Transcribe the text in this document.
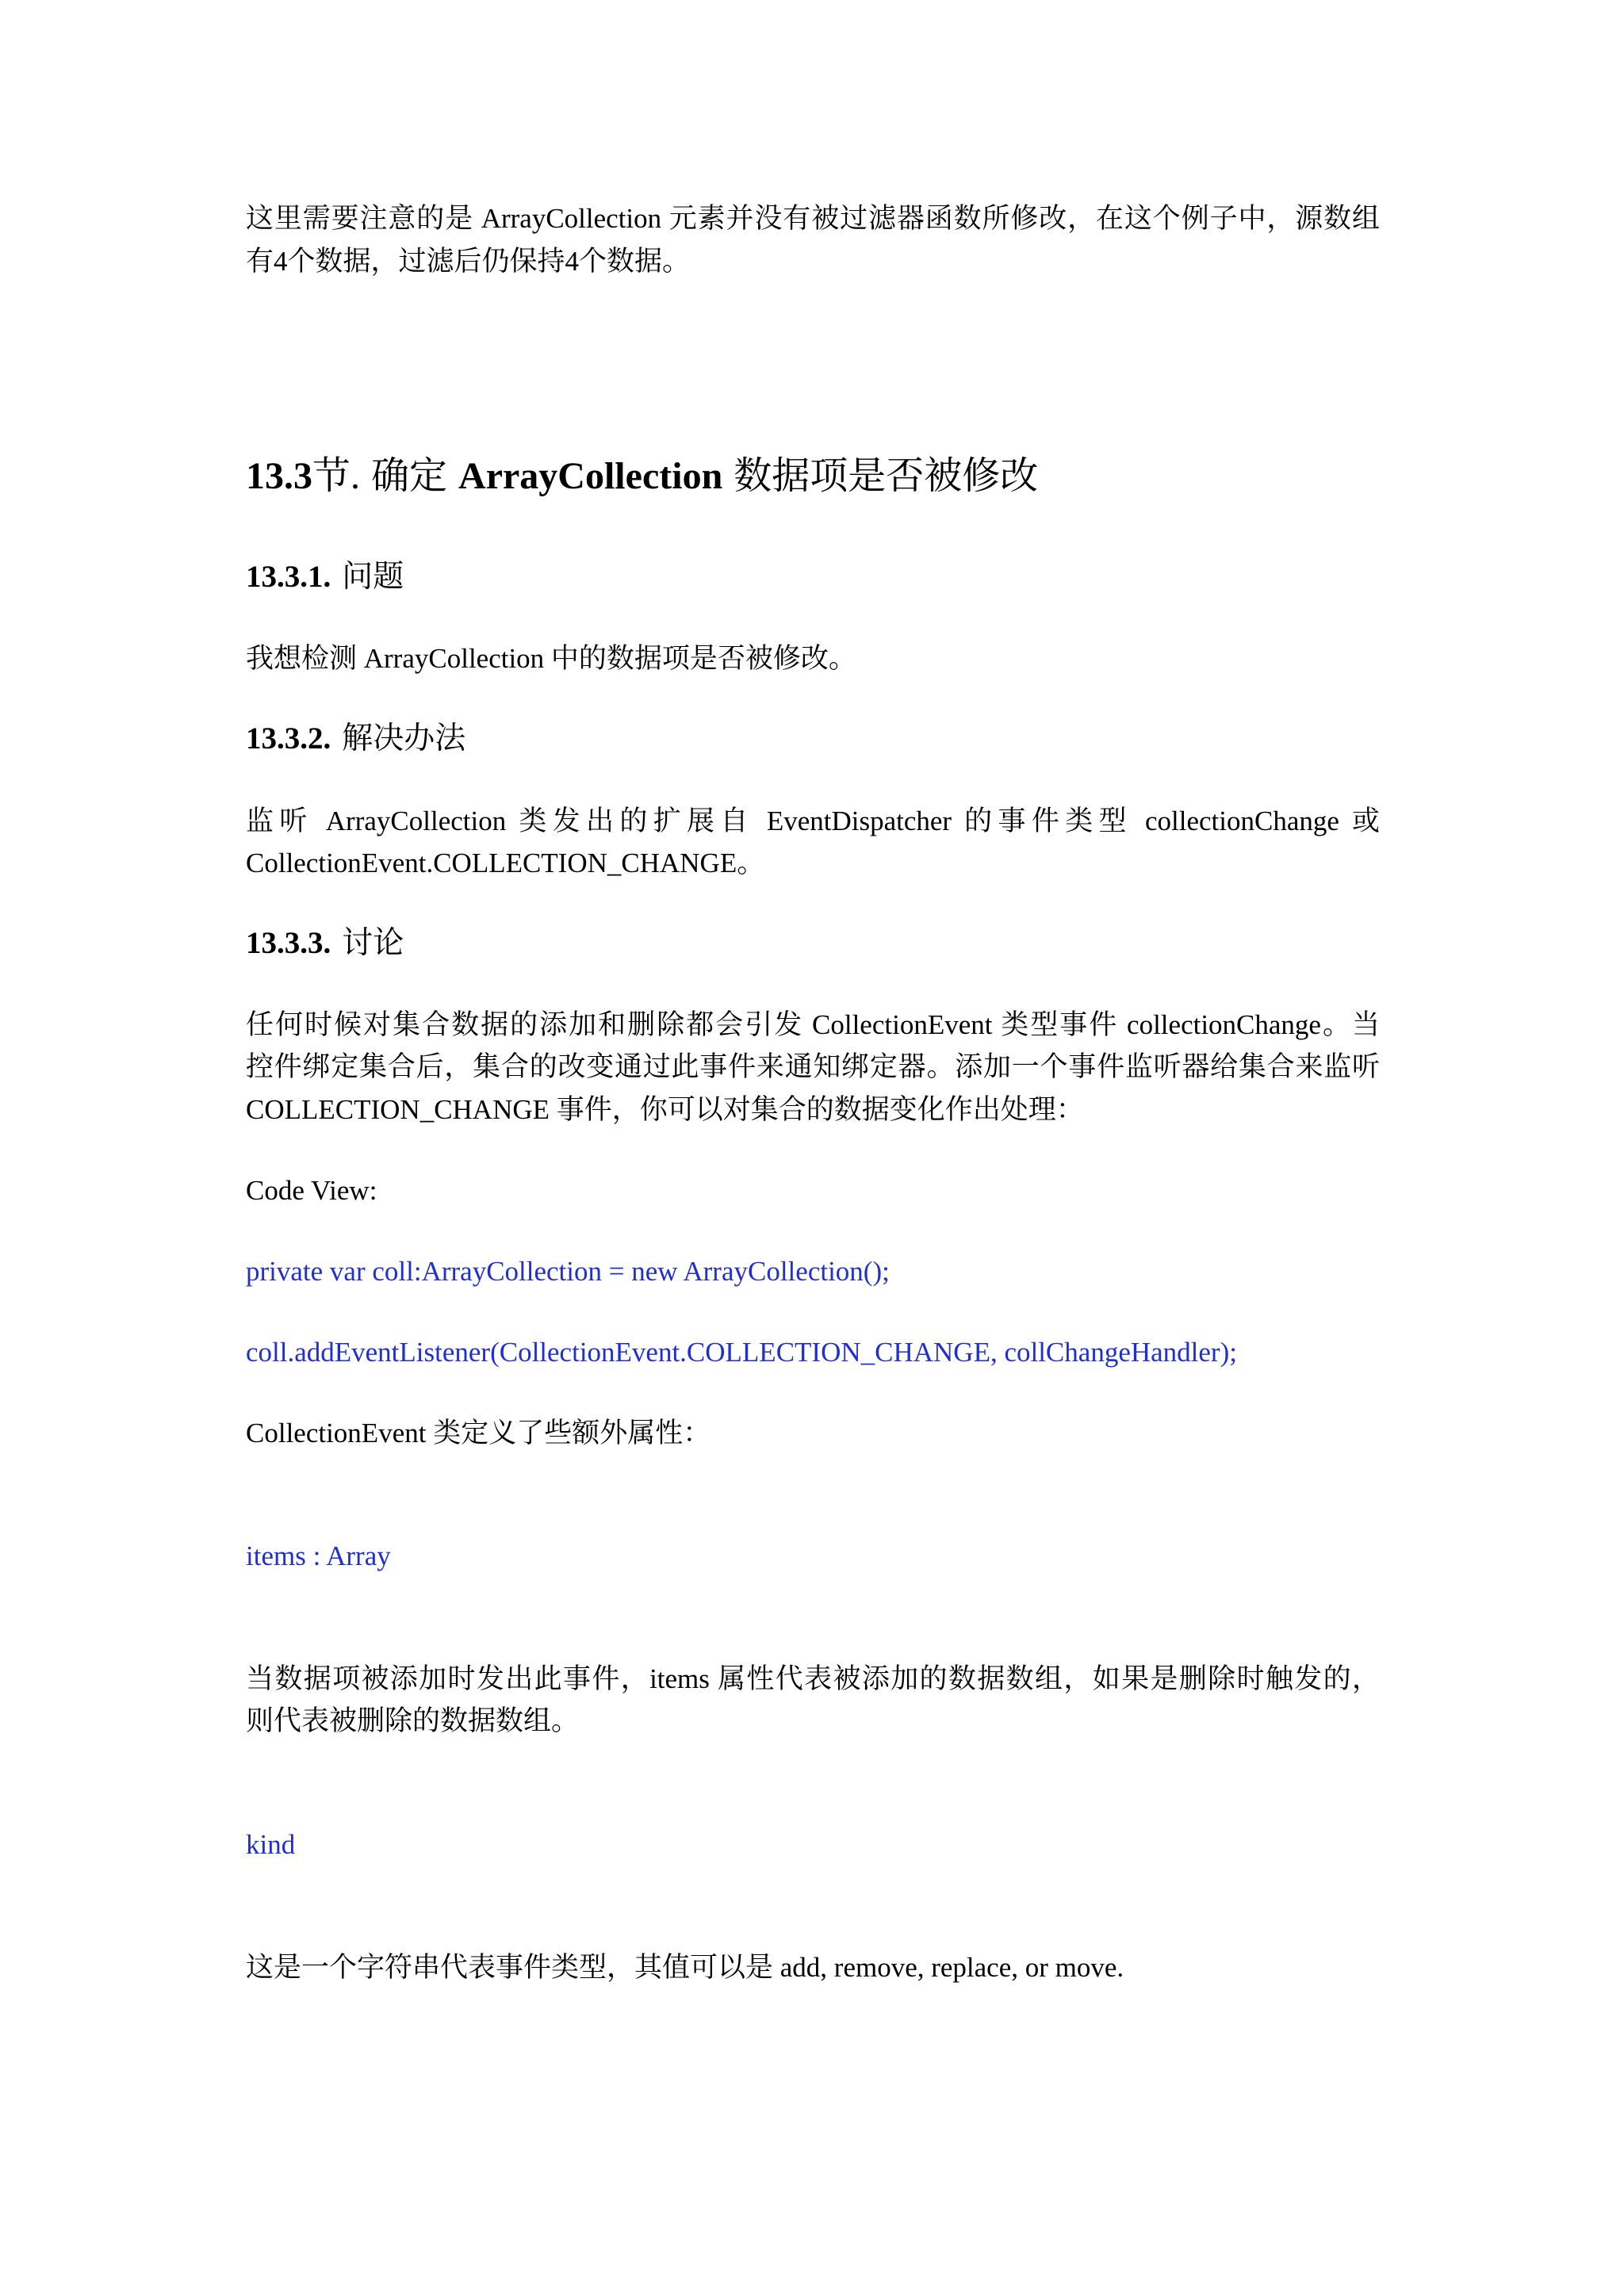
这里需要注意的是 ArrayCollection 元素并没有被过滤器函数所修改，在这个例子中，源数组
有4个数据，过滤后仍保持4个数据。
13.3节. 确定 ArrayCollection 数据项是否被修改
13.3.1. 问题
我想检测 ArrayCollection 中的数据项是否被修改。
13.3.2. 解决办法
监听 ArrayCollection 类发出的扩展自 EventDispatcher 的事件类型 collectionChange 或
CollectionEvent.COLLECTION_CHANGE。
13.3.3. 讨论
任何时候对集合数据的添加和删除都会引发 CollectionEvent 类型事件 collectionChange。当
控件绑定集合后，集合的改变通过此事件来通知绑定器。添加一个事件监听器给集合来监听
COLLECTION_CHANGE 事件，你可以对集合的数据变化作出处理：
Code View:
private var coll:ArrayCollection = new ArrayCollection();
coll.addEventListener(CollectionEvent.COLLECTION_CHANGE, collChangeHandler);
CollectionEvent 类定义了些额外属性：
items : Array
当数据项被添加时发出此事件，items 属性代表被添加的数据数组，如果是删除时触发的，
则代表被删除的数据数组。
kind
这是一个字符串代表事件类型，其值可以是 add, remove, replace, or move.
